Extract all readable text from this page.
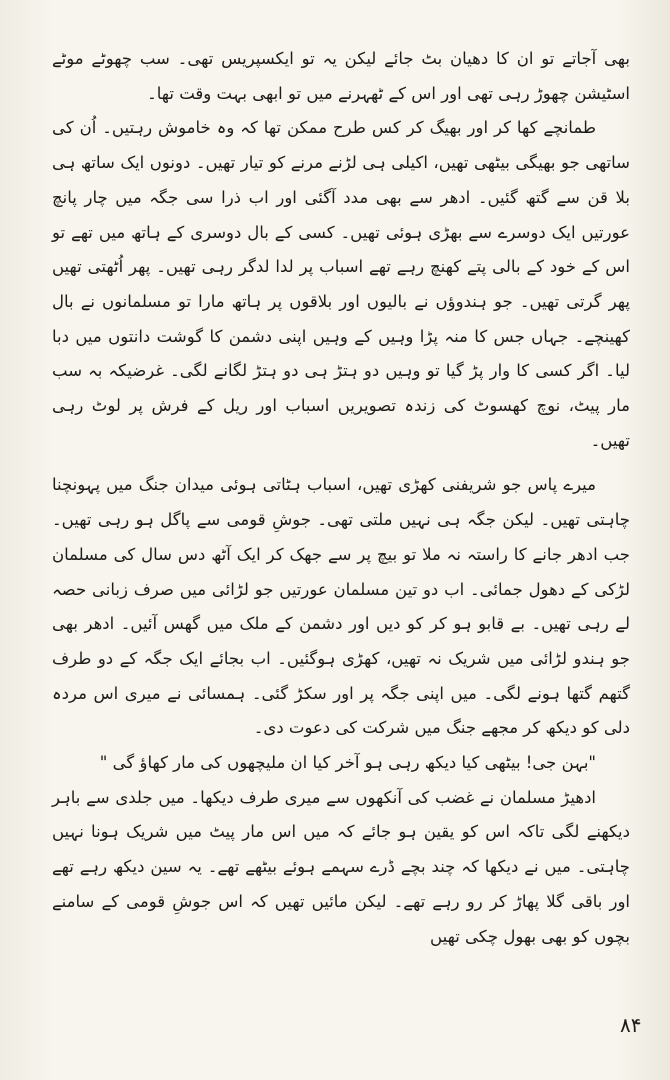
بھی آجاتے تو ان کا دھیان بٹ جائے لیکن یہ تو ایکسپریس تھی۔ سب چھوٹے موٹے اسٹیشن چھوڑ رہی تھی اور اس کے ٹھہرنے میں تو ابھی بہت وقت تھا۔

طمانچے کھا کر اور بھیگ کر کس طرح ممکن تھا کہ وہ خاموش رہتیں۔ اُن کی ساتھی جو بھیگی بیٹھی تھیں، اکیلی ہی لڑنے مرنے کو تیار تھیں۔ دونوں ایک ساتھ ہی بلا قن سے گتھ گئیں۔ ادھر سے بھی مدد آگئی اور اب ذرا سی جگہ میں چار پانچ عورتیں ایک دوسرے سے بھڑی ہوئی تھیں۔ کسی کے بال دوسری کے ہاتھ میں تھے تو اس کے خود کے بالی پتے کھنچ رہے تھے اسباب پر لدا لدگر رہی تھیں۔ پھر اُٹھتی تھیں پھر گرتی تھیں۔ جو ہندوؤں نے بالیوں اور بلاقوں پر ہاتھ مارا تو مسلمانوں نے بال کھینچے۔ جہاں جس کا منہ پڑا وہیں کے وہیں اپنی دشمن کا گوشت دانتوں میں دبا لیا۔ اگر کسی کا وار پڑ گیا تو وہیں دو ہتڑ ہی دو ہتڑ لگانے لگی۔ غرضیکہ بہ سب مار پیٹ، نوچ کھسوٹ کی زندہ تصویریں اسباب اور ریل کے فرش پر لوٹ رہی تھیں۔

میرے پاس جو شریفنی کھڑی تھیں، اسباب ہٹاتی ہوئی میدان جنگ میں پہونچنا چاہتی تھیں۔ لیکن جگہ ہی نہیں ملتی تھی۔ جوشِ قومی سے پاگل ہو رہی تھیں۔ جب ادھر جانے کا راستہ نہ ملا تو بیچ پر سے جھک کر ایک آٹھ دس سال کی مسلمان لڑکی کے دھول جمائی۔ اب دو تین مسلمان عورتیں جو لڑائی میں صرف زبانی حصہ لے رہی تھیں۔ بے قابو ہو کر کو دیں اور دشمن کے ملک میں گھس آئیں۔ ادھر بھی جو ہندو لڑائی میں شریک نہ تھیں، کھڑی ہوگئیں۔ اب بجائے ایک جگہ کے دو طرف گتھم گتھا ہونے لگی۔ میں اپنی جگہ پر اور سکڑ گئی۔ ہمسائی نے میری اس مردہ دلی کو دیکھ کر مجھے جنگ میں شرکت کی دعوت دی۔

"بہن جی! بیٹھی کیا دیکھ رہی ہو آخر کیا ان ملیچھوں کی مار کھاؤ گی "

ادھیڑ مسلمان نے غضب کی آنکھوں سے میری طرف دیکھا۔ میں جلدی سے باہر دیکھنے لگی تاکہ اس کو یقین ہو جائے کہ میں اس مار پیٹ میں شریک ہونا نہیں چاہتی۔ میں نے دیکھا کہ چند بچے ڈرے سہمے ہوئے بیٹھے تھے۔ یہ سین دیکھ رہے تھے اور باقی گلا پھاڑ کر رو رہے تھے۔ لیکن مائیں تھیں کہ اس جوشِ قومی کے سامنے بچوں کو بھی بھول چکی تھیں

۸۴
